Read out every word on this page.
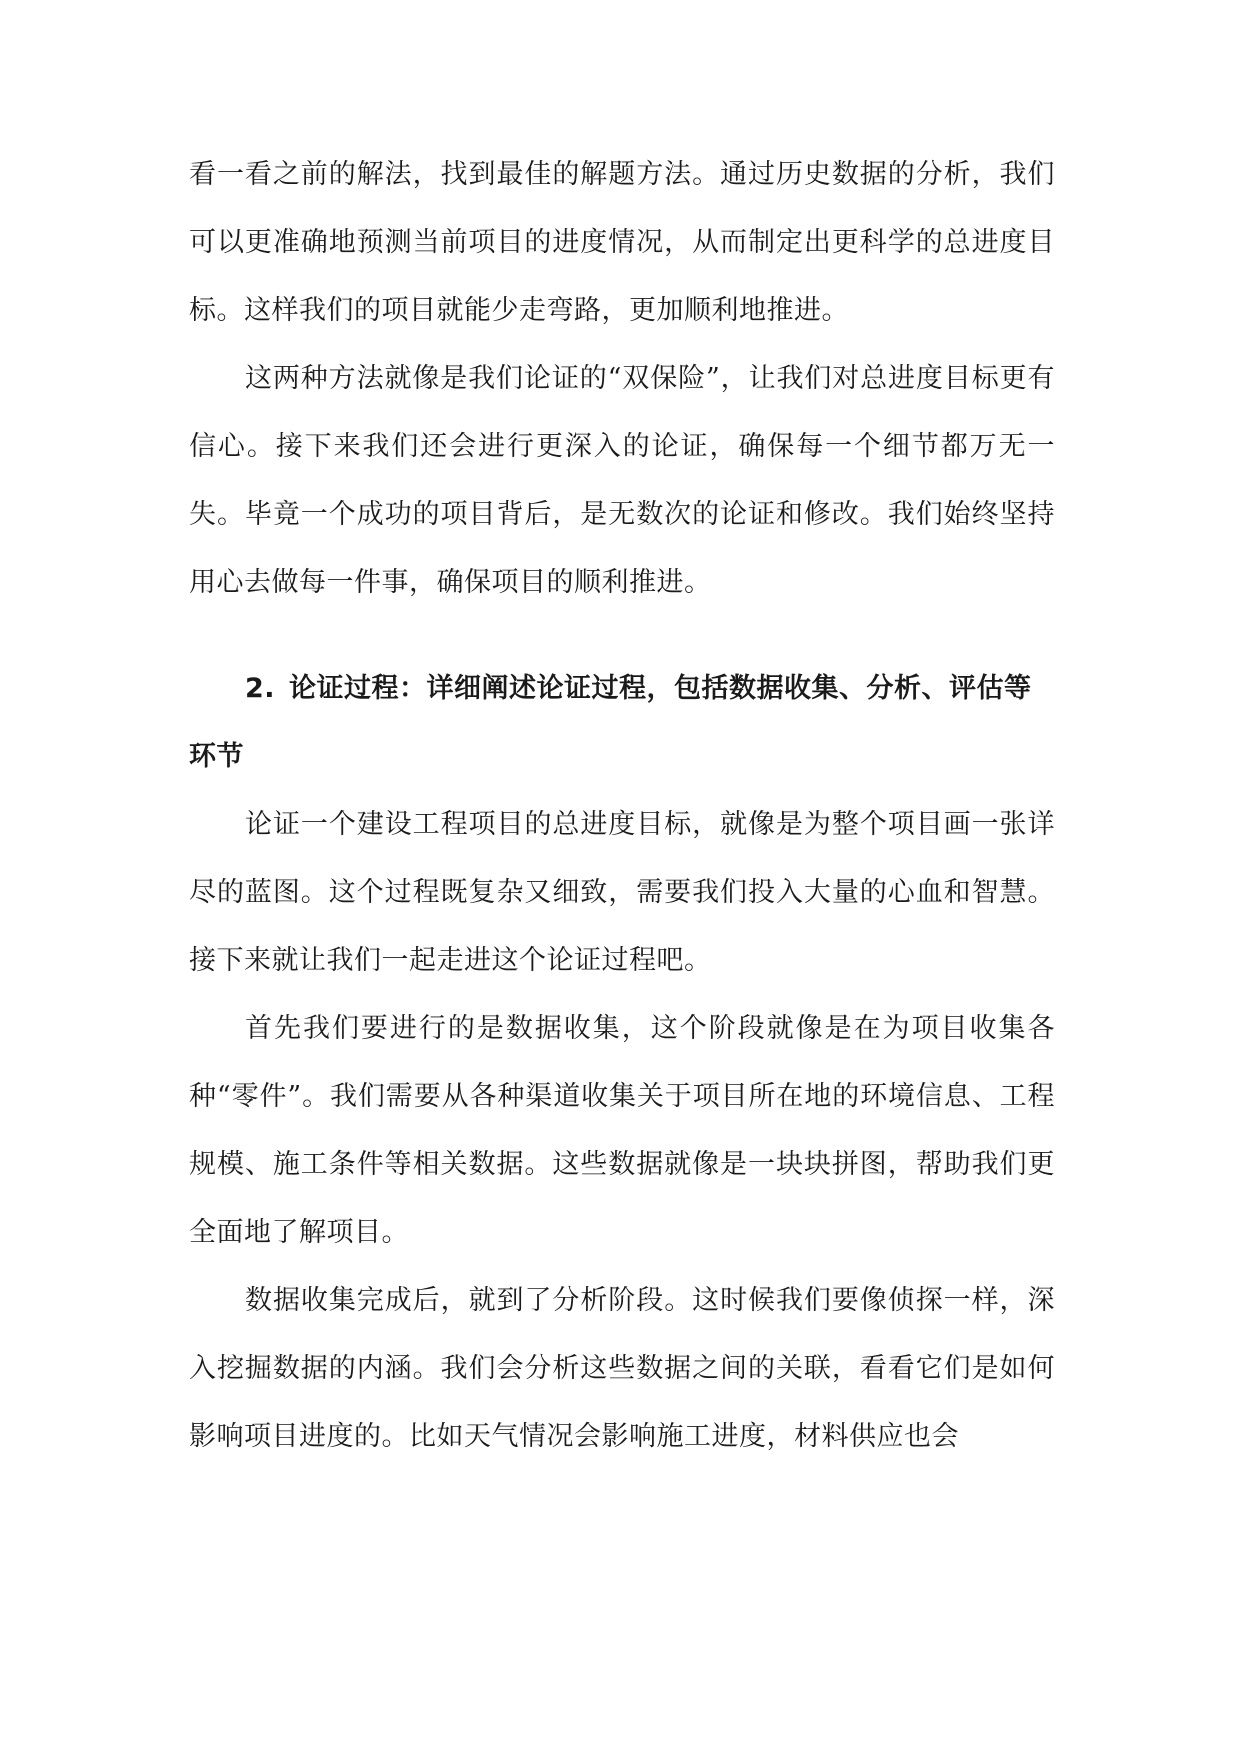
看一看之前的解法，找到最佳的解题方法。通过历史数据的分析，我们可以更准确地预测当前项目的进度情况，从而制定出更科学的总进度目标。这样我们的项目就能少走弯路，更加顺利地推进。

这两种方法就像是我们论证的“双保险”，让我们对总进度目标更有信心。接下来我们还会进行更深入的论证，确保每一个细节都万无一失。毕竟一个成功的项目背后，是无数次的论证和修改。我们始终坚持用心去做每一件事，确保项目的顺利推进。

2. 论证过程：详细阐述论证过程，包括数据收集、分析、评估等环节

论证一个建设工程项目的总进度目标，就像是为整个项目画一张详尽的蓝图。这个过程既复杂又细致，需要我们投入大量的心血和智慧。接下来就让我们一起走进这个论证过程吧。

首先我们要进行的是数据收集，这个阶段就像是在为项目收集各种“零件”。我们需要从各种渠道收集关于项目所在地的环境信息、工程规模、施工条件等相关数据。这些数据就像是一块块拼图，帮助我们更全面地了解项目。

数据收集完成后，就到了分析阶段。这时候我们要像侦探一样，深入挖掘数据的内涵。我们会分析这些数据之间的关联，看看它们是如何影响项目进度的。比如天气情况会影响施工进度，材料供应也会
